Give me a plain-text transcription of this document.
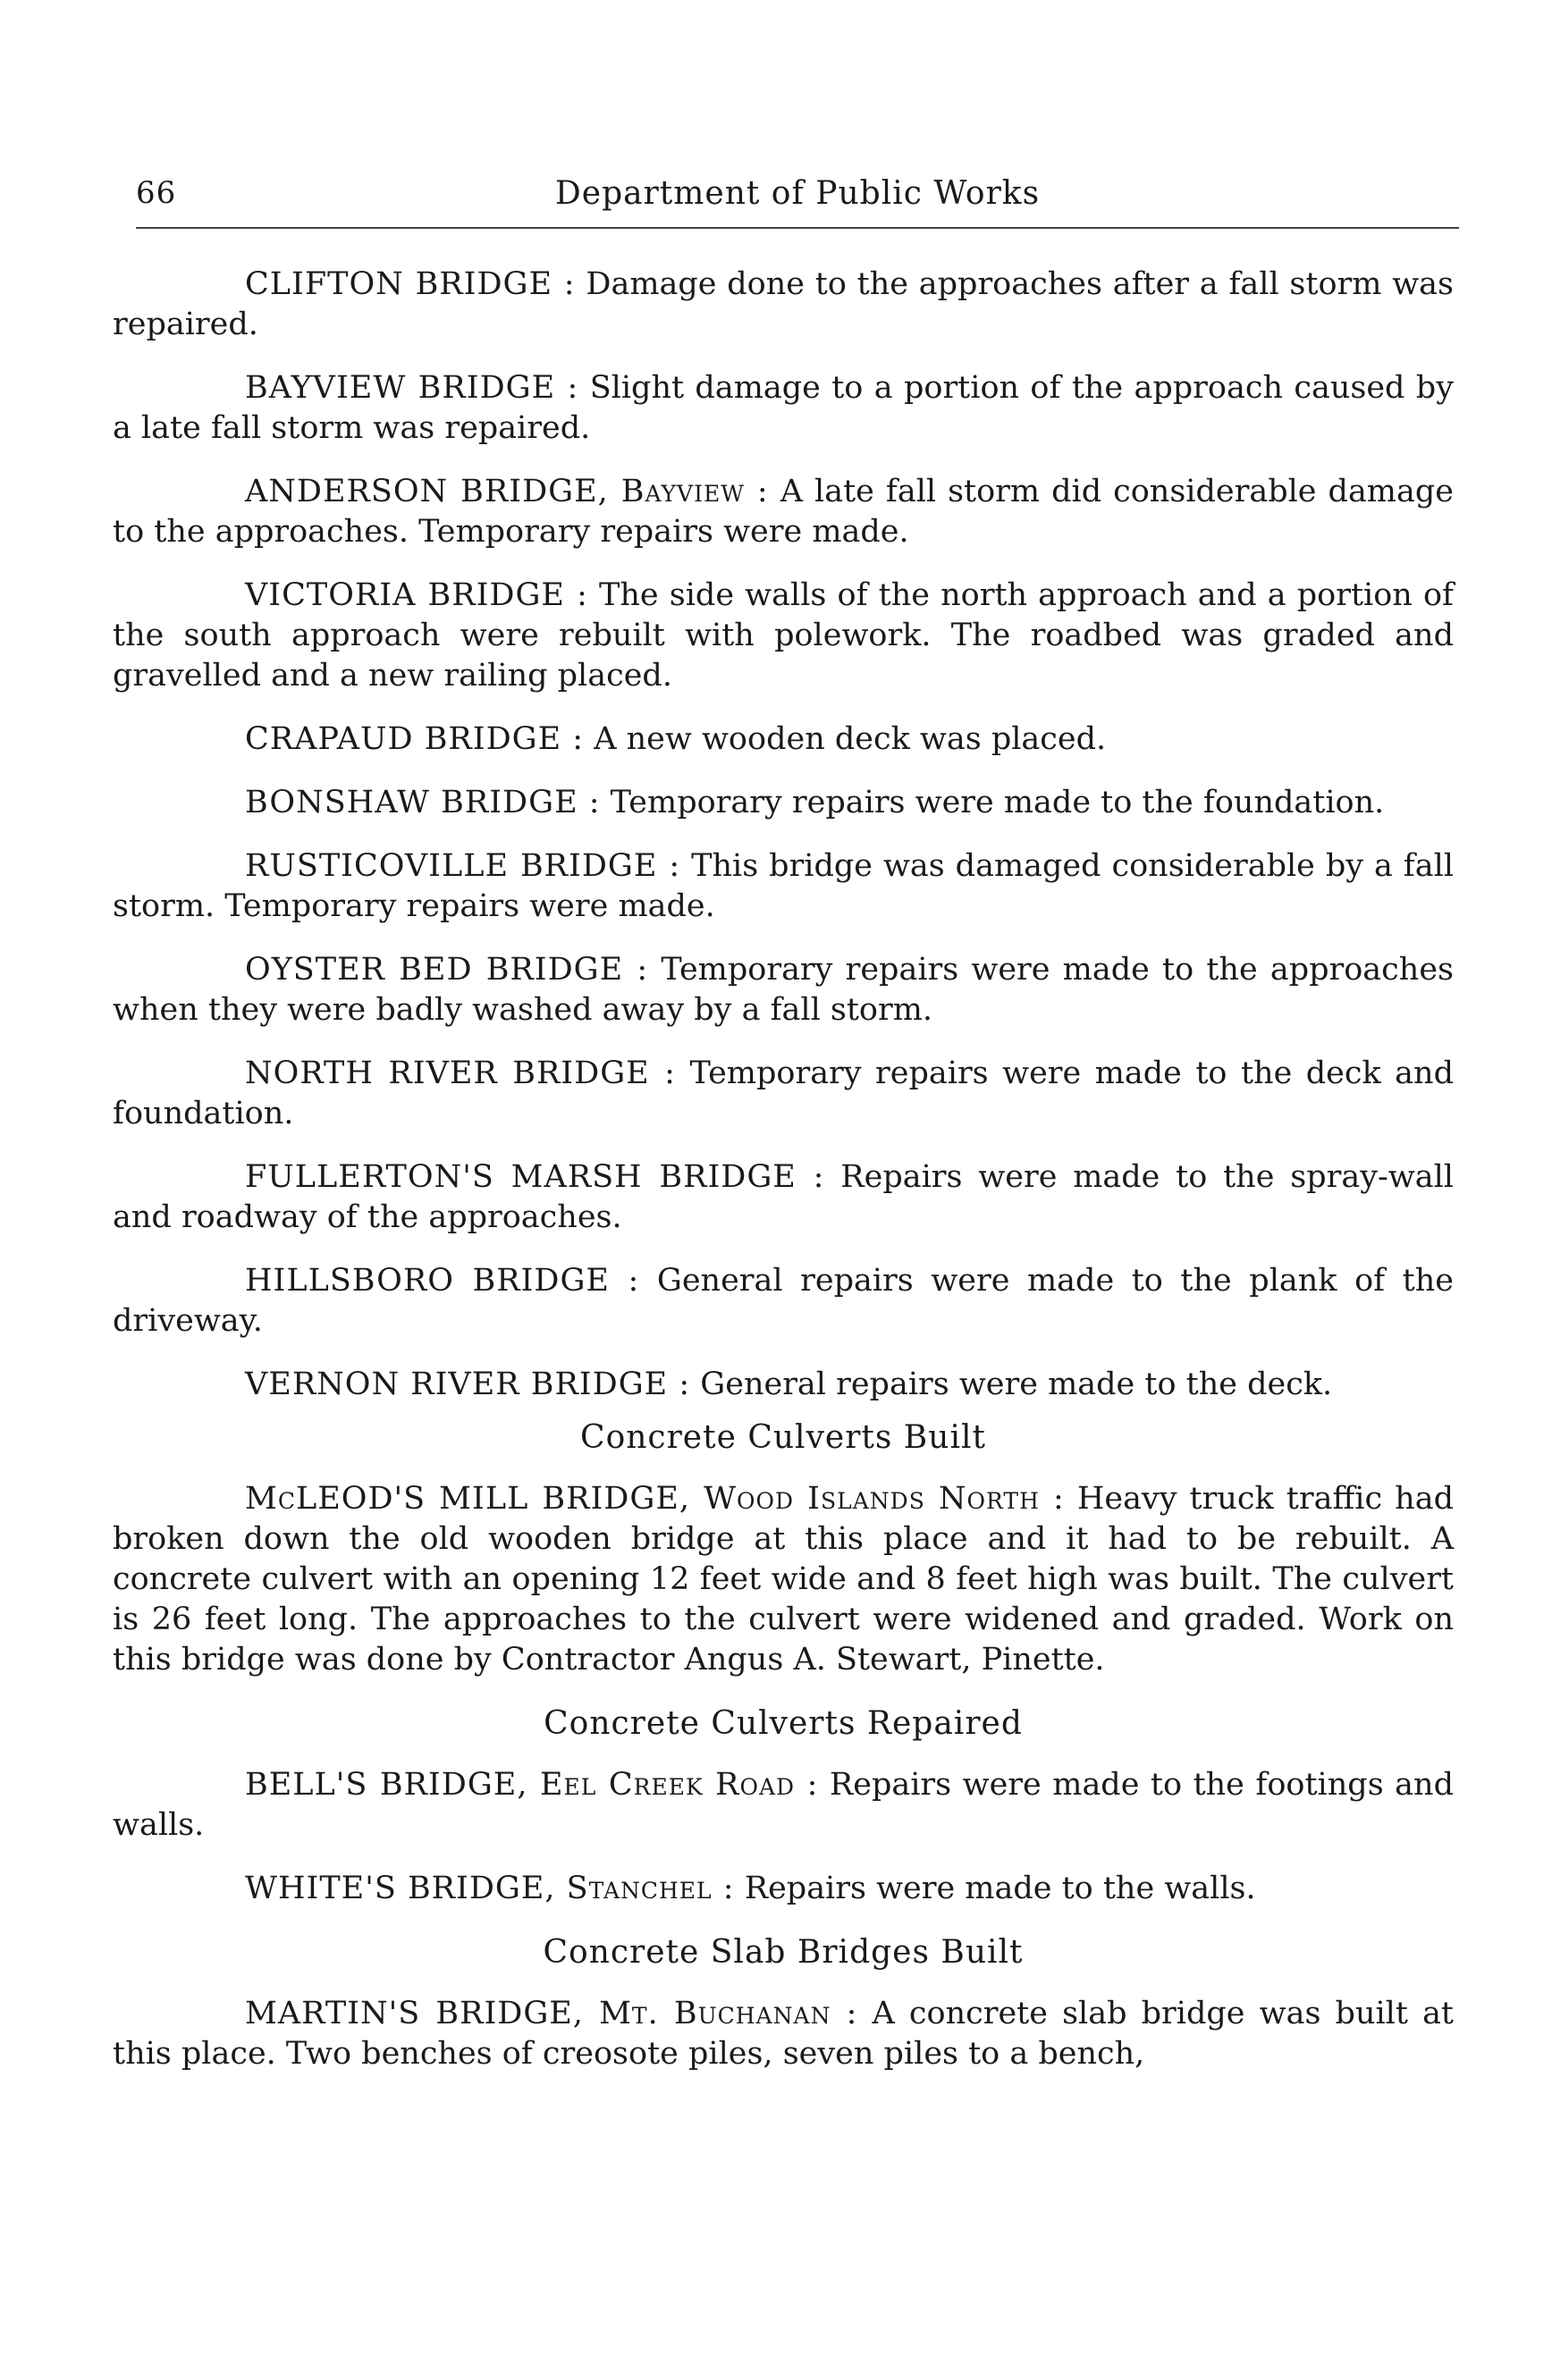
66	Department of Public Works

CLIFTON BRIDGE : Damage done to the approaches after a fall storm was repaired.

BAYVIEW BRIDGE : Slight damage to a portion of the approach caused by a late fall storm was repaired.

ANDERSON BRIDGE, Bayview : A late fall storm did considerable damage to the approaches. Temporary repairs were made.

VICTORIA BRIDGE : The side walls of the north approach and a portion of the south approach were rebuilt with polework. The roadbed was graded and gravelled and a new railing placed.

CRAPAUD BRIDGE : A new wooden deck was placed.

BONSHAW BRIDGE : Temporary repairs were made to the foundation.

RUSTICOVILLE BRIDGE : This bridge was damaged considerable by a fall storm. Temporary repairs were made.

OYSTER BED BRIDGE : Temporary repairs were made to the approaches when they were badly washed away by a fall storm.

NORTH RIVER BRIDGE : Temporary repairs were made to the deck and foundation.

FULLERTON'S MARSH BRIDGE : Repairs were made to the spray-wall and roadway of the approaches.

HILLSBORO BRIDGE : General repairs were made to the plank of the driveway.

VERNON RIVER BRIDGE : General repairs were made to the deck.

Concrete Culverts Built

McLEOD'S MILL BRIDGE, Wood Islands North : Heavy truck traffic had broken down the old wooden bridge at this place and it had to be rebuilt. A concrete culvert with an opening 12 feet wide and 8 feet high was built. The culvert is 26 feet long. The approaches to the culvert were widened and graded. Work on this bridge was done by Contractor Angus A. Stewart, Pinette.

Concrete Culverts Repaired

BELL'S BRIDGE, Eel Creek Road : Repairs were made to the footings and walls.

WHITE'S BRIDGE, Stanchel : Repairs were made to the walls.

Concrete Slab Bridges Built

MARTIN'S BRIDGE, Mt. Buchanan : A concrete slab bridge was built at this place. Two benches of creosote piles, seven piles to a bench,
